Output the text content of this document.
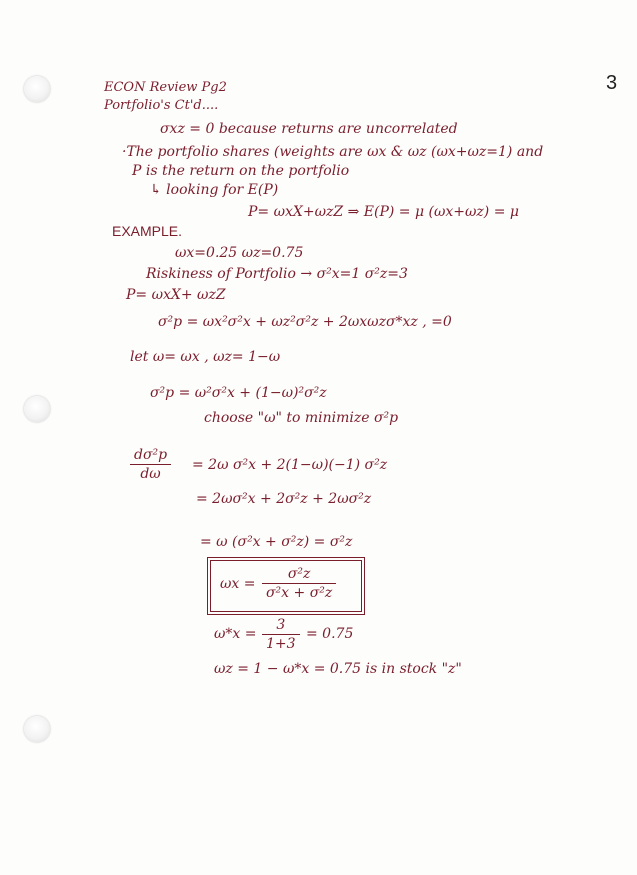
3
ECON Review Pg2
Portfolio's Ct'd....
σxz = 0 because returns are uncorrelated
·The portfolio shares (weights are ωx & ωz (ωx+ωz=1) and
P is the return on the portfolio
↳ looking for E(P)
P= ωxX+ωzZ ⇒ E(P) = μ (ωx+ωz) = μ
EXAMPLE.
ωx=0.25 ωz=0.75
Riskiness of Portfolio → σ²x=1 σ²z=3
P= ωxX+ ωzZ
σ²p = ωx²σ²x + ωz²σ²z + 2ωxωzσ*xz , =0
let ω= ωx , ωz= 1−ω
σ²p = ω²σ²x + (1−ω)²σ²z
choose "ω" to minimize σ²p
$\frac{\text{dσ²p}}{d\omega} = 2\omega$ σ²x + 2(1−ω)(−1) σ²z
= 2ωσ²x + 2σ²z + 2ωσ²z
= ω (σ²x + σ²z) = σ²z
$\omega x = \frac{\text{σ²z}}{\text{σ²x + σ²z}}$
$\omega*x = \frac{3}{1+3} = 0.75$
ωz = 1 − ω*x = 0.75 is in stock "z"
